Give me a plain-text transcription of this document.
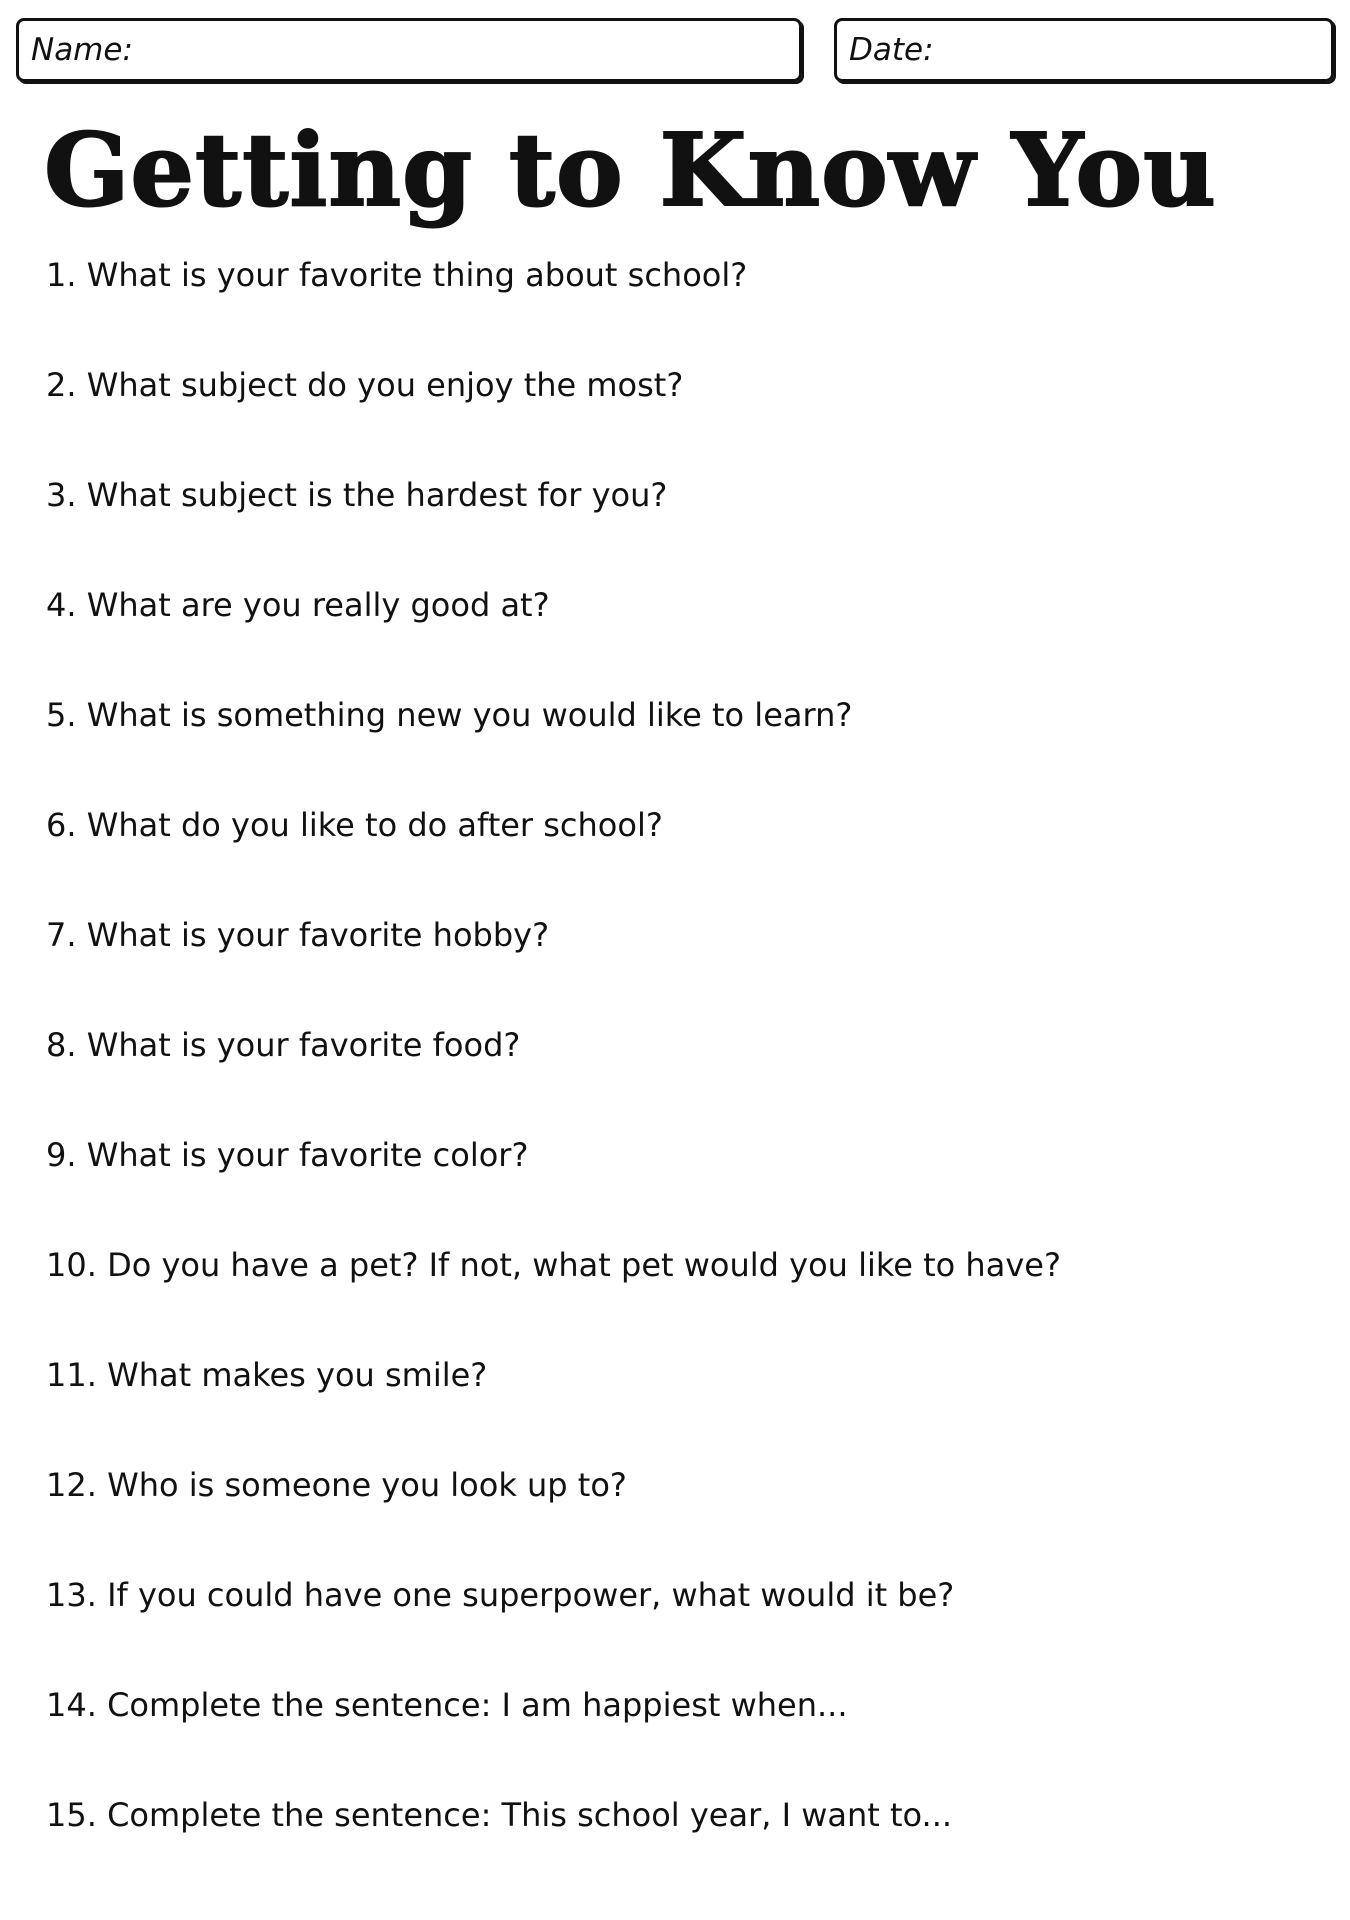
Name:	Date:
Getting to Know You
1. What is your favorite thing about school?
2. What subject do you enjoy the most?
3. What subject is the hardest for you?
4. What are you really good at?
5. What is something new you would like to learn?
6. What do you like to do after school?
7. What is your favorite hobby?
8. What is your favorite food?
9. What is your favorite color?
10. Do you have a pet? If not, what pet would you like to have?
11. What makes you smile?
12. Who is someone you look up to?
13. If you could have one superpower, what would it be?
14. Complete the sentence: I am happiest when...
15. Complete the sentence: This school year, I want to...
